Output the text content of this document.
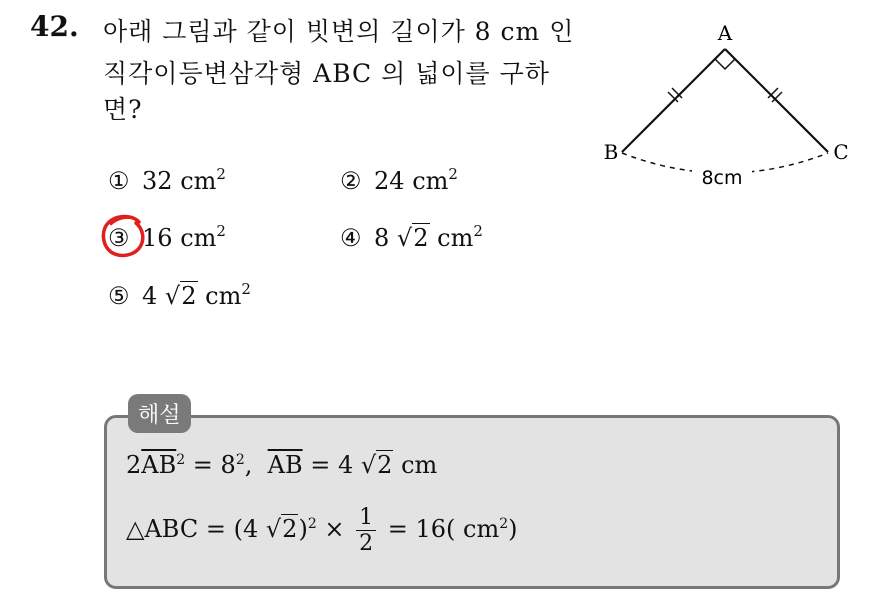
42. 아래 그림과 같이 빗변의 길이가 8 cm 인
직각이등변삼각형 ABC 의 넓이를 구하
면?
① 32 $cm^2$	② 24 $cm^2$
③ 16 $cm^2$	④ 8 √2 $cm^2$
⑤ 4 √2 $cm^2$
8cm
A
B	C
해설
$2\overline{AB}^2 = 8^2$,  $\overline{AB} = 4$ √2 cm
△ABC = (4 $√2)^2 \times \frac{1}{2} = 16$( $cm^2$)
